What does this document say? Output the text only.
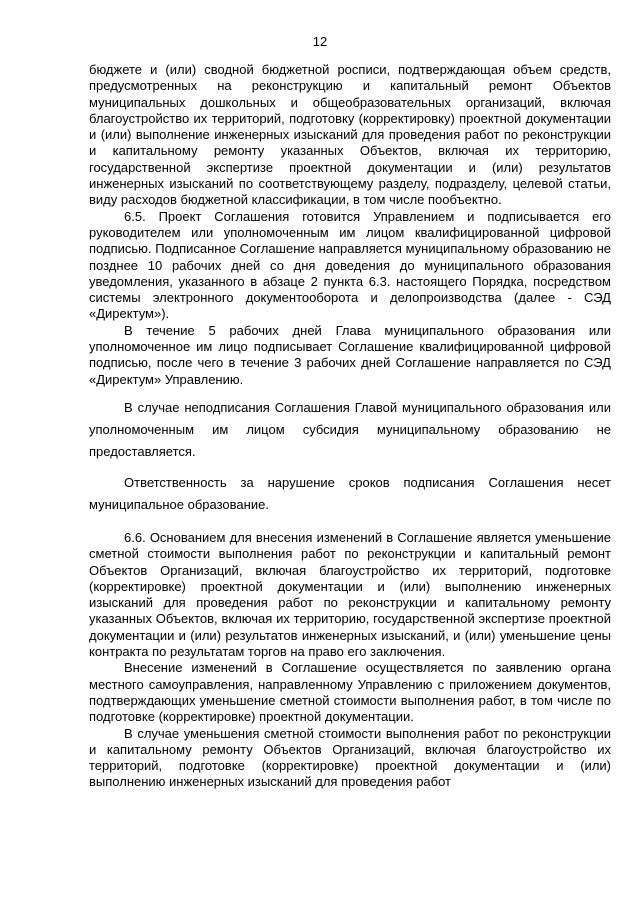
12

бюджете и (или) сводной бюджетной росписи, подтверждающая объем средств, предусмотренных на реконструкцию и капитальный ремонт Объектов муниципальных дошкольных и общеобразовательных организаций, включая благоустройство их территорий, подготовку (корректировку) проектной документации и (или) выполнение инженерных изысканий для проведения работ по реконструкции и капитальному ремонту указанных Объектов, включая их территорию, государственной экспертизе проектной документации и (или) результатов инженерных изысканий по соответствующему разделу, подразделу, целевой статьи, виду расходов бюджетной классификации, в том числе пообъектно.

6.5. Проект Соглашения готовится Управлением и подписывается его руководителем или уполномоченным им лицом квалифицированной цифровой подписью. Подписанное Соглашение направляется муниципальному образованию не позднее 10 рабочих дней со дня доведения до муниципального образования уведомления, указанного в абзаце 2 пункта 6.3. настоящего Порядка, посредством системы электронного документооборота и делопроизводства (далее - СЭД «Директум»).

В течение 5 рабочих дней Глава муниципального образования или уполномоченное им лицо подписывает Соглашение квалифицированной цифровой подписью, после чего в течение 3 рабочих дней Соглашение направляется по СЭД «Директум» Управлению.

В случае неподписания Соглашения Главой муниципального образования или уполномоченным им лицом субсидия муниципальному образованию не предоставляется.

Ответственность за нарушение сроков подписания Соглашения несет муниципальное образование.

6.6. Основанием для внесения изменений в Соглашение является уменьшение сметной стоимости выполнения работ по реконструкции и капитальный ремонт Объектов Организаций, включая благоустройство их территорий, подготовке (корректировке) проектной документации и (или) выполнению инженерных изысканий для проведения работ по реконструкции и капитальному ремонту указанных Объектов, включая их территорию, государственной экспертизе проектной документации и (или) результатов инженерных изысканий, и (или) уменьшение цены контракта по результатам торгов на право его заключения.

Внесение изменений в Соглашение осуществляется по заявлению органа местного самоуправления, направленному Управлению с приложением документов, подтверждающих уменьшение сметной стоимости выполнения работ, в том числе по подготовке (корректировке) проектной документации.

В случае уменьшения сметной стоимости выполнения работ по реконструкции и капитальному ремонту Объектов Организаций, включая благоустройство их территорий, подготовке (корректировке) проектной документации и (или) выполнению инженерных изысканий для проведения работ
